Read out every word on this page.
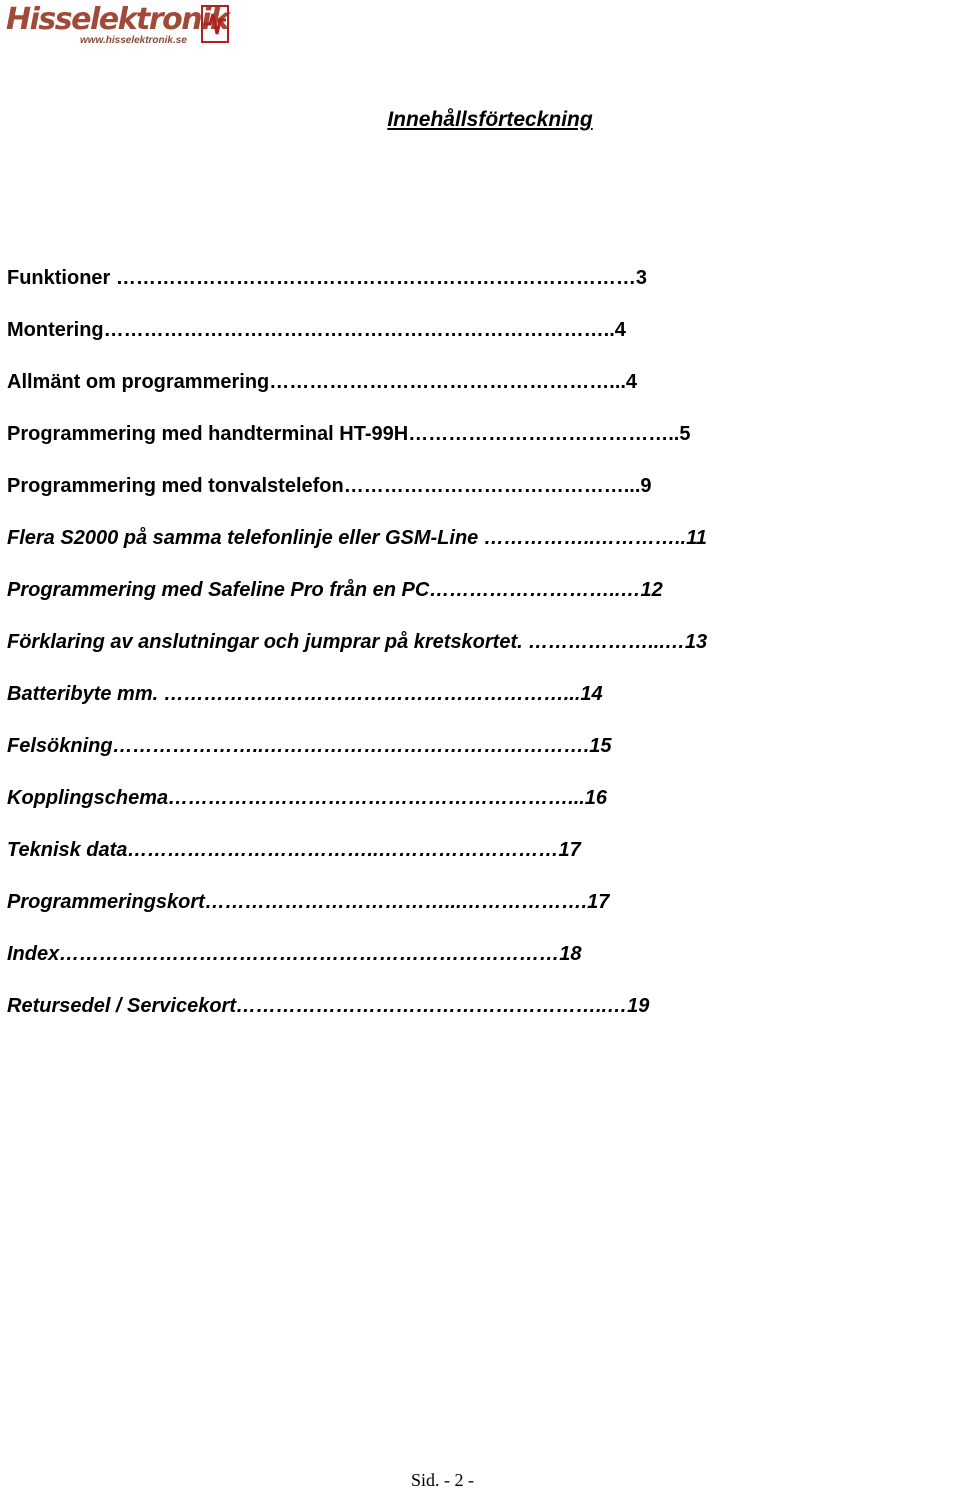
Hisselektronik
www.hisselektronik.se
Innehållsförteckning
Funktioner ……………………………………………………………………3
Montering…………………………………………………………………..4
Allmänt om programmering……………………………………………...4
Programmering med handterminal HT-99H…………………………………..5
Programmering med tonvalstelefon……………………………………...9
Flera S2000 på samma telefonlinje eller GSM-Line ……………..…………..11
Programmering med Safeline Pro från en PC………………………..…12
Förklaring av anslutningar och jumprar på kretskortet. ………………...…13
Batteribyte mm. ……………………………………………………...14
Felsökning…………………..………………………………………….15
Kopplingschema……………………………………………………...16
Teknisk data………………………………..………………………17
Programmeringskort………………………………...……………….17
Index…………………………………………………………………18
Retursedel / Servicekort………………………………………………..…19
Sid. - 2 -
